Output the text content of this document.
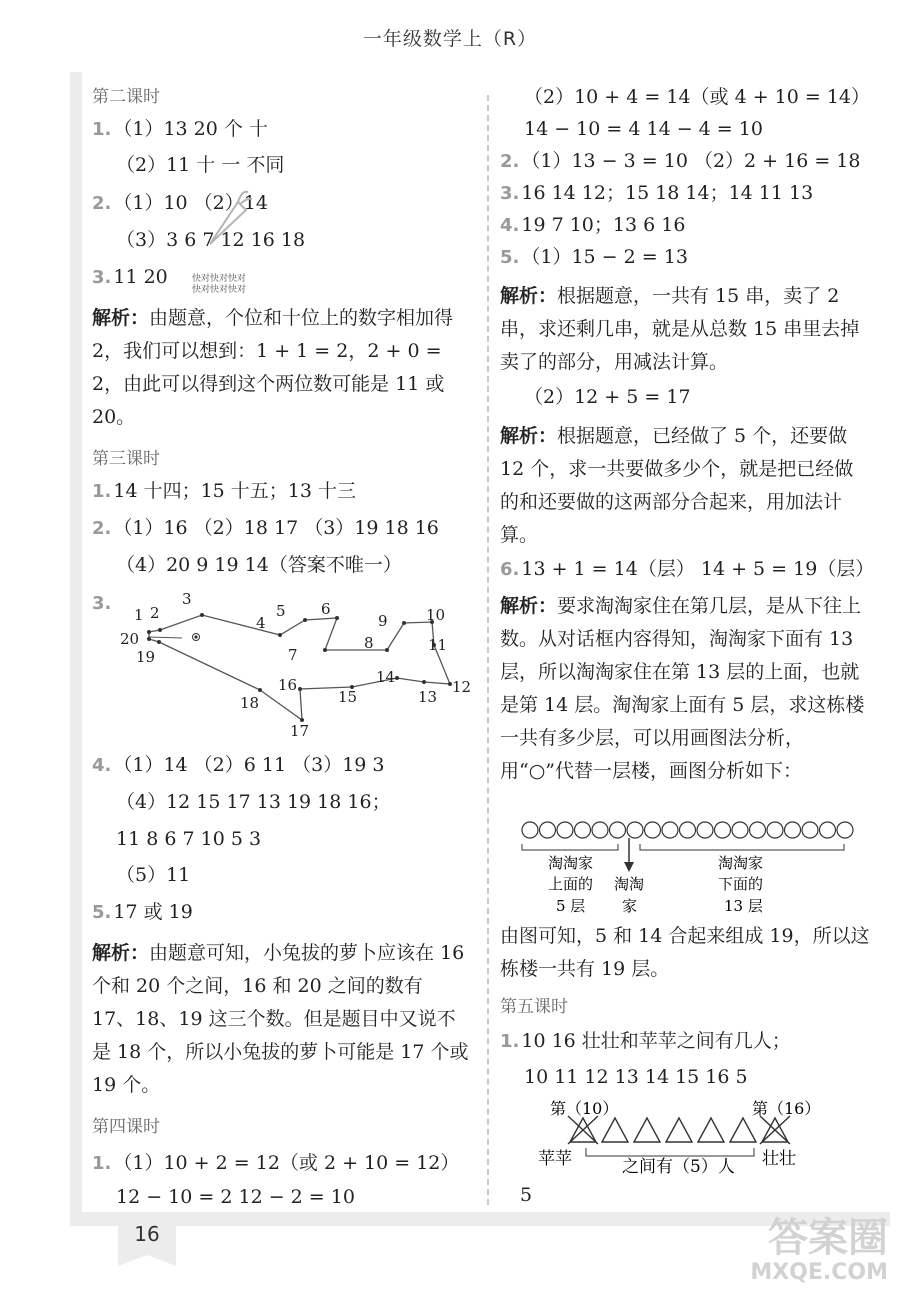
一年级数学上（R）
第二课时
1. （1）13 20 个 十
（2）11 十 一 不同
2. （1）10 （2）14
（3）3 6 7 12 16 18
3. 11 20	快对快对快对
快对快对快对
解析：由题意，个位和十位上的数字相加得 2，我们可以想到：1 + 1 = 2，2 + 0 = 2，由此可以得到这个两位数可能是 11 或 20。
第三课时
1. 14 十四；15 十五；13 十三
2. （1）16 （2）18 17 （3）19 18 16
（4）20 9 19 14（答案不唯一）
3.
1 2
3
4
5 6
7
8
9	10
11
12
13
14
15
16
17
18
19
20
4. （1）14 （2）6 11 （3）19 3
（4）12 15 17 13 19 18 16；
11 8 6 7 10 5 3
（5）11
5. 17 或 19
解析：由题意可知，小兔拔的萝卜应该在 16 个和 20 个之间，16 和 20 之间的数有 17、18、19 这三个数。但是题目中又说不是 18 个，所以小兔拔的萝卜可能是 17 个或 19 个。
第四课时
1. （1）10 + 2 = 12（或 2 + 10 = 12）
12 − 10 = 2 12 − 2 = 10
（2）10 + 4 = 14（或 4 + 10 = 14）
14 − 10 = 4 14 − 4 = 10
2. （1）13 − 3 = 10 （2）2 + 16 = 18
3. 16 14 12；15 18 14；14 11 13
4. 19 7 10；13 6 16
5. （1）15 − 2 = 13
解析：根据题意，一共有 15 串，卖了 2 串，求还剩几串，就是从总数 15 串里去掉卖了的部分，用减法计算。
（2）12 + 5 = 17
解析：根据题意，已经做了 5 个，还要做 12 个，求一共要做多少个，就是把已经做的和还要做的这两部分合起来，用加法计算。
6. 13 + 1 = 14（层） 14 + 5 = 19（层）
解析：要求淘淘家住在第几层，是从下往上数。从对话框内容得知，淘淘家下面有 13 层，所以淘淘家住在第 13 层的上面，也就是第 14 层。淘淘家上面有 5 层，求这栋楼一共有多少层，可以用画图法分析，用“○”代替一层楼，画图分析如下：
淘淘家
上面的
5 层
淘淘
家
淘淘家
下面的
13 层
由图可知，5 和 14 合起来组成 19，所以这栋楼一共有 19 层。
第五课时
1. 10 16 壮壮和苹苹之间有几人；
10 11 12 13 14 15 16 5
第（10）	第（16）
苹苹	壮壮
之间有（5）人
5
16	答案圈
MXQE.COM
